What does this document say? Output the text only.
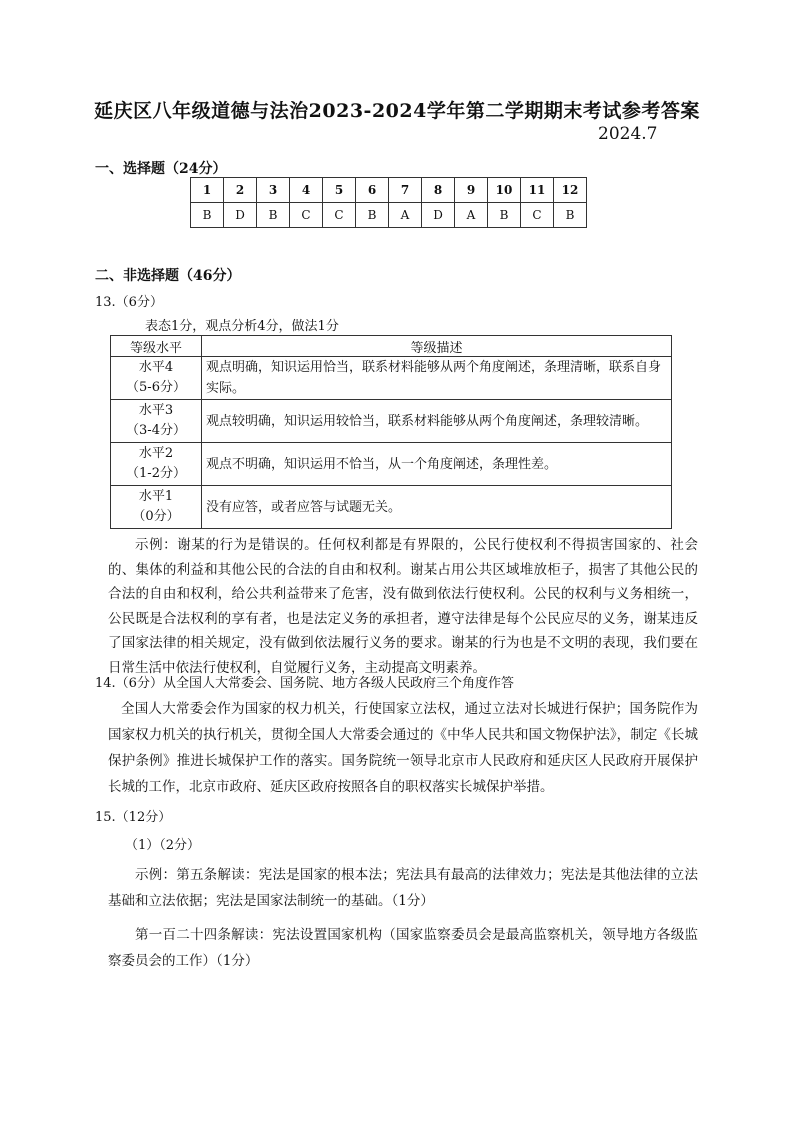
延庆区八年级道德与法治2023-2024学年第二学期期末考试参考答案
2024.7
一、选择题（24分）
1	2	3	4	5	6	7	8	9	10	11	12
B	D	B	C	C	B	A	D	A	B	C	B
二、非选择题（46分）
13.（6分）
表态1分，观点分析4分，做法1分
等级水平	等级描述

水平4
（5-6分）	观点明确，知识运用恰当，联系材料能够从两个角度阐述，条理清晰，联系自身实际。

水平3
（3-4分）	观点较明确，知识运用较恰当，联系材料能够从两个角度阐述，条理较清晰。

水平2
（1-2分）	观点不明确，知识运用不恰当，从一个角度阐述，条理性差。

水平1
（0分）	没有应答，或者应答与试题无关。
示例：谢某的行为是错误的。任何权利都是有界限的，公民行使权利不得损害国家的、社会的、集体的利益和其他公民的合法的自由和权利。谢某占用公共区域堆放柜子，损害了其他公民的合法的自由和权利，给公共利益带来了危害，没有做到依法行使权利。公民的权利与义务相统一，公民既是合法权利的享有者，也是法定义务的承担者，遵守法律是每个公民应尽的义务，谢某违反了国家法律的相关规定，没有做到依法履行义务的要求。谢某的行为也是不文明的表现，我们要在日常生活中依法行使权利，自觉履行义务，主动提高文明素养。
14.（6分）从全国人大常委会、国务院、地方各级人民政府三个角度作答
全国人大常委会作为国家的权力机关，行使国家立法权，通过立法对长城进行保护；国务院作为国家权力机关的执行机关，贯彻全国人大常委会通过的《中华人民共和国文物保护法》，制定《长城保护条例》推进长城保护工作的落实。国务院统一领导北京市人民政府和延庆区人民政府开展保护长城的工作，北京市政府、延庆区政府按照各自的职权落实长城保护举措。
15.（12分）
（1）（2分）
示例：第五条解读：宪法是国家的根本法；宪法具有最高的法律效力；宪法是其他法律的立法基础和立法依据；宪法是国家法制统一的基础。（1分）
第一百二十四条解读：宪法设置国家机构（国家监察委员会是最高监察机关，领导地方各级监察委员会的工作）（1分）
